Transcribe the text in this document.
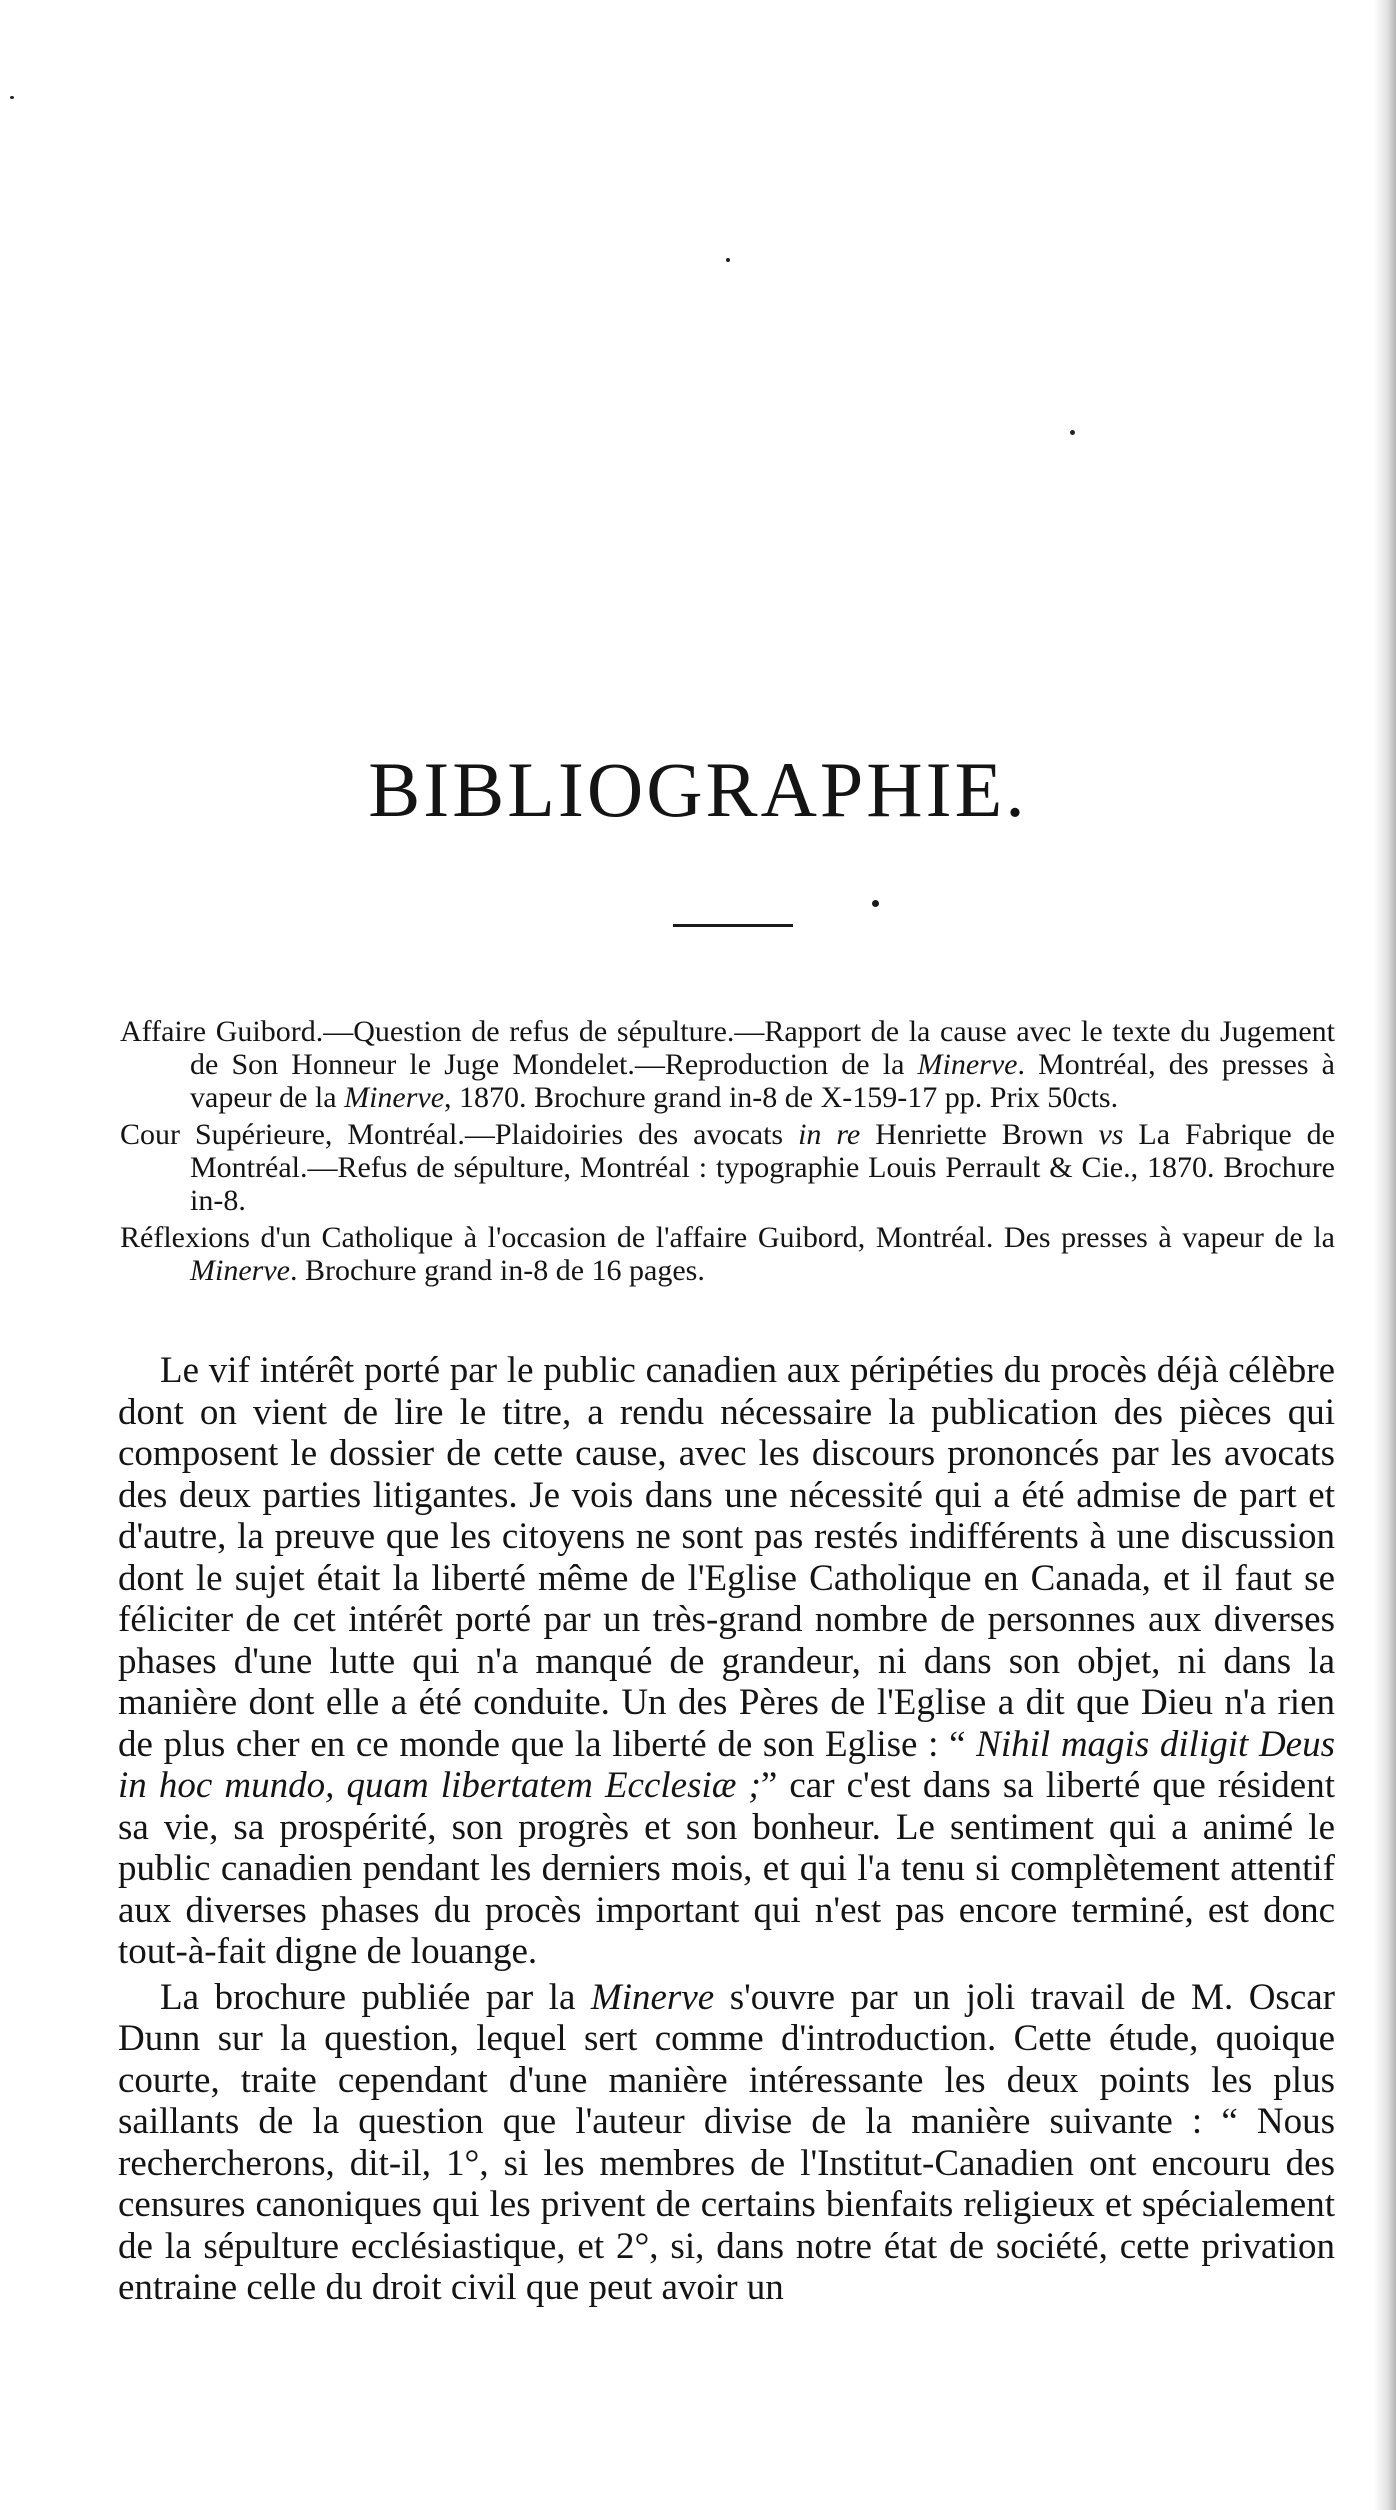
BIBLIOGRAPHIE.

Affaire Guibord.—Question de refus de sépulture.—Rapport de la cause avec le texte du Jugement de Son Honneur le Juge Mondelet.—Reproduction de la Minerve. Montréal, des presses à vapeur de la Minerve, 1870. Brochure grand in-8 de X-159-17 pp. Prix 50cts.

Cour Supérieure, Montréal.—Plaidoiries des avocats in re Henriette Brown vs La Fabrique de Montréal.—Refus de sépulture, Montréal : typographie Louis Perrault & Cie., 1870. Brochure in-8.

Réflexions d'un Catholique à l'occasion de l'affaire Guibord, Montréal. Des presses à vapeur de la Minerve. Brochure grand in-8 de 16 pages.

Le vif intérêt porté par le public canadien aux péripéties du procès déjà célèbre dont on vient de lire le titre, a rendu nécessaire la publication des pièces qui composent le dossier de cette cause, avec les discours prononcés par les avocats des deux parties litigantes. Je vois dans une nécessité qui a été admise de part et d'autre, la preuve que les citoyens ne sont pas restés indifférents à une discussion dont le sujet était la liberté même de l'Eglise Catholique en Canada, et il faut se féliciter de cet intérêt porté par un très-grand nombre de personnes aux diverses phases d'une lutte qui n'a manqué de grandeur, ni dans son objet, ni dans la manière dont elle a été conduite. Un des Pères de l'Eglise a dit que Dieu n'a rien de plus cher en ce monde que la liberté de son Eglise : “ Nihil magis diligit Deus in hoc mundo, quam libertatem Ecclesiæ ;” car c'est dans sa liberté que résident sa vie, sa prospérité, son progrès et son bonheur. Le sentiment qui a animé le public canadien pendant les derniers mois, et qui l'a tenu si complètement attentif aux diverses phases du procès important qui n'est pas encore terminé, est donc tout-à-fait digne de louange.

La brochure publiée par la Minerve s'ouvre par un joli travail de M. Oscar Dunn sur la question, lequel sert comme d'introduction. Cette étude, quoique courte, traite cependant d'une manière intéressante les deux points les plus saillants de la question que l'auteur divise de la manière suivante : “ Nous rechercherons, dit-il, 1°, si les membres de l'Institut-Canadien ont encouru des censures canoniques qui les privent de certains bienfaits religieux et spécialement de la sépulture ecclésiastique, et 2°, si, dans notre état de société, cette privation entraine celle du droit civil que peut avoir un
